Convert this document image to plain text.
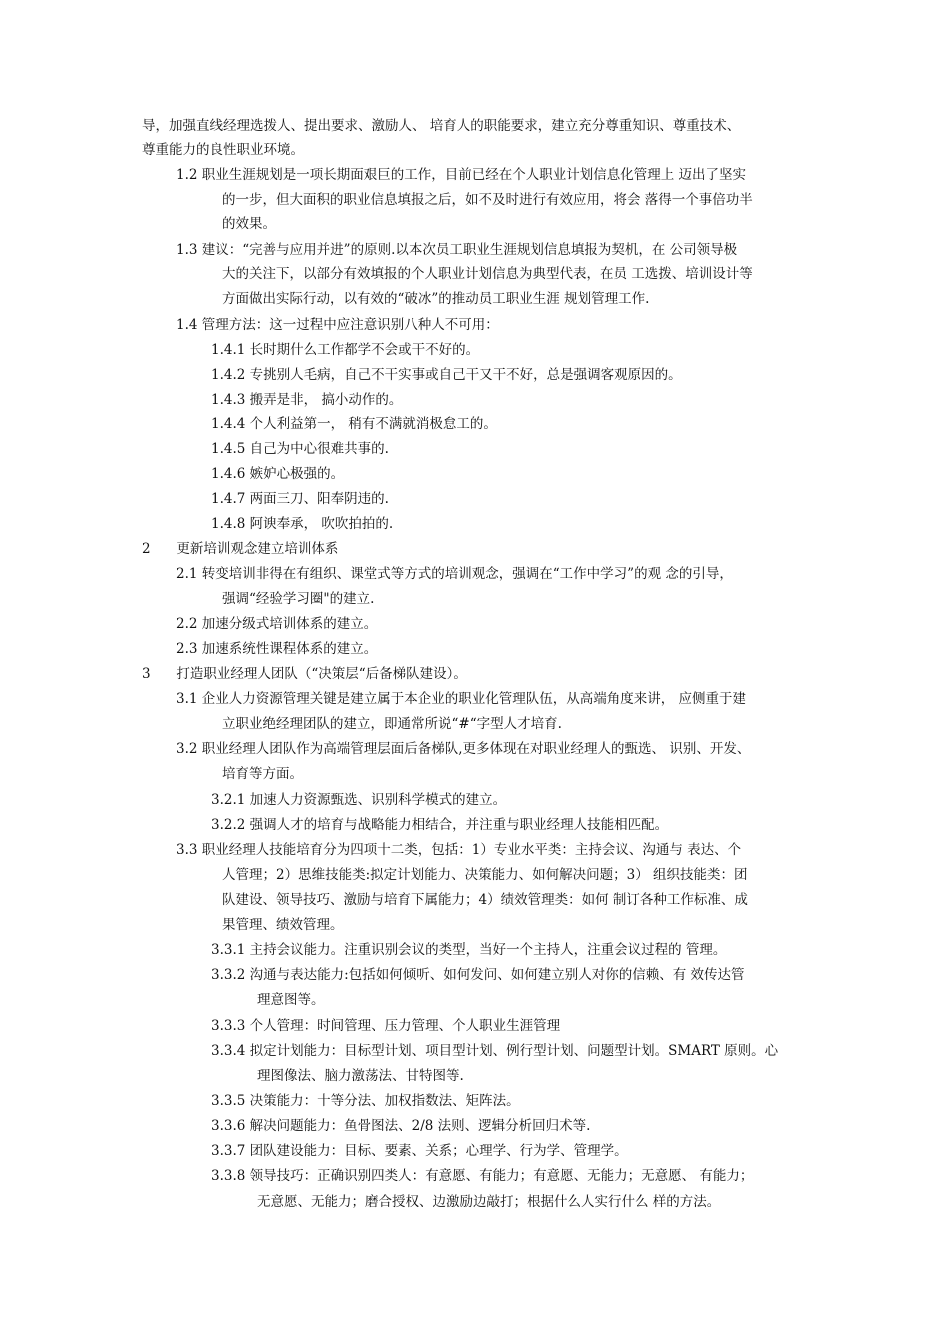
导，加强直线经理选拨人、提出要求、激励人、 培育人的职能要求，建立充分尊重知识、尊重技术、
尊重能力的良性职业环境。
1.2 职业生涯规划是一项长期面艰巨的工作，目前已经在个人职业计划信息化管理上 迈出了坚实
的一步，但大面积的职业信息填报之后，如不及时进行有效应用，将会 落得一个事倍功半
的效果。
1.3 建议：“完善与应用并进”的原则.以本次员工职业生涯规划信息填报为契机，在 公司领导极
大的关注下，以部分有效填报的个人职业计划信息为典型代表，在员 工选拨、培训设计等
方面做出实际行动，以有效的“破冰”的推动员工职业生涯 规划管理工作.
1.4 管理方法：这一过程中应注意识别八种人不可用：
1.4.1 长时期什么工作都学不会或干不好的。
1.4.2 专挑别人毛病，自己不干实事或自己干又干不好，总是强调客观原因的。
1.4.3 搬弄是非， 搞小动作的。
1.4.4 个人利益第一， 稍有不满就消极怠工的。
1.4.5 自己为中心很难共事的.
1.4.6 嫉妒心极强的。
1.4.7 两面三刀、阳奉阴违的.
1.4.8 阿谀奉承， 吹吹拍拍的.
2      更新培训观念建立培训体系
2.1 转变培训非得在有组织、课堂式等方式的培训观念，强调在“工作中学习”的观 念的引导，
强调“经验学习圈"的建立.
2.2 加速分级式培训体系的建立。
2.3 加速系统性课程体系的建立。
3      打造职业经理人团队（“决策层“后备梯队建设）。
3.1 企业人力资源管理关键是建立属于本企业的职业化管理队伍，从高端角度来讲， 应侧重于建
立职业绝经理团队的建立，即通常所说“#“字型人才培育.
3.2 职业经理人团队作为高端管理层面后备梯队,更多体现在对职业经理人的甄选、 识别、开发、
培育等方面。
3.2.1 加速人力资源甄选、识别科学模式的建立。
3.2.2 强调人才的培育与战略能力相结合，并注重与职业经理人技能相匹配。
3.3 职业经理人技能培育分为四项十二类，包括：1）专业水平类：主持会议、沟通与 表达、个
人管理；2）思维技能类:拟定计划能力、决策能力、如何解决问题；3） 组织技能类：团
队建设、领导技巧、激励与培育下属能力；4）绩效管理类：如何 制订各种工作标准、成
果管理、绩效管理。
3.3.1 主持会议能力。注重识别会议的类型，当好一个主持人，注重会议过程的 管理。
3.3.2 沟通与表达能力:包括如何倾听、如何发问、如何建立别人对你的信赖、有 效传达管
理意图等。
3.3.3 个人管理：时间管理、压力管理、个人职业生涯管理
3.3.4 拟定计划能力：目标型计划、项目型计划、例行型计划、问题型计划。SMART 原则。心
理图像法、脑力激荡法、甘特图等.
3.3.5 决策能力：十等分法、加权指数法、矩阵法。
3.3.6 解决问题能力：鱼骨图法、2/8 法则、逻辑分析回归术等.
3.3.7 团队建设能力：目标、要素、关系；心理学、行为学、管理学。
3.3.8 领导技巧：正确识别四类人：有意愿、有能力；有意愿、无能力；无意愿、 有能力；
无意愿、无能力；磨合授权、边激励边敲打；根据什么人实行什么 样的方法。
